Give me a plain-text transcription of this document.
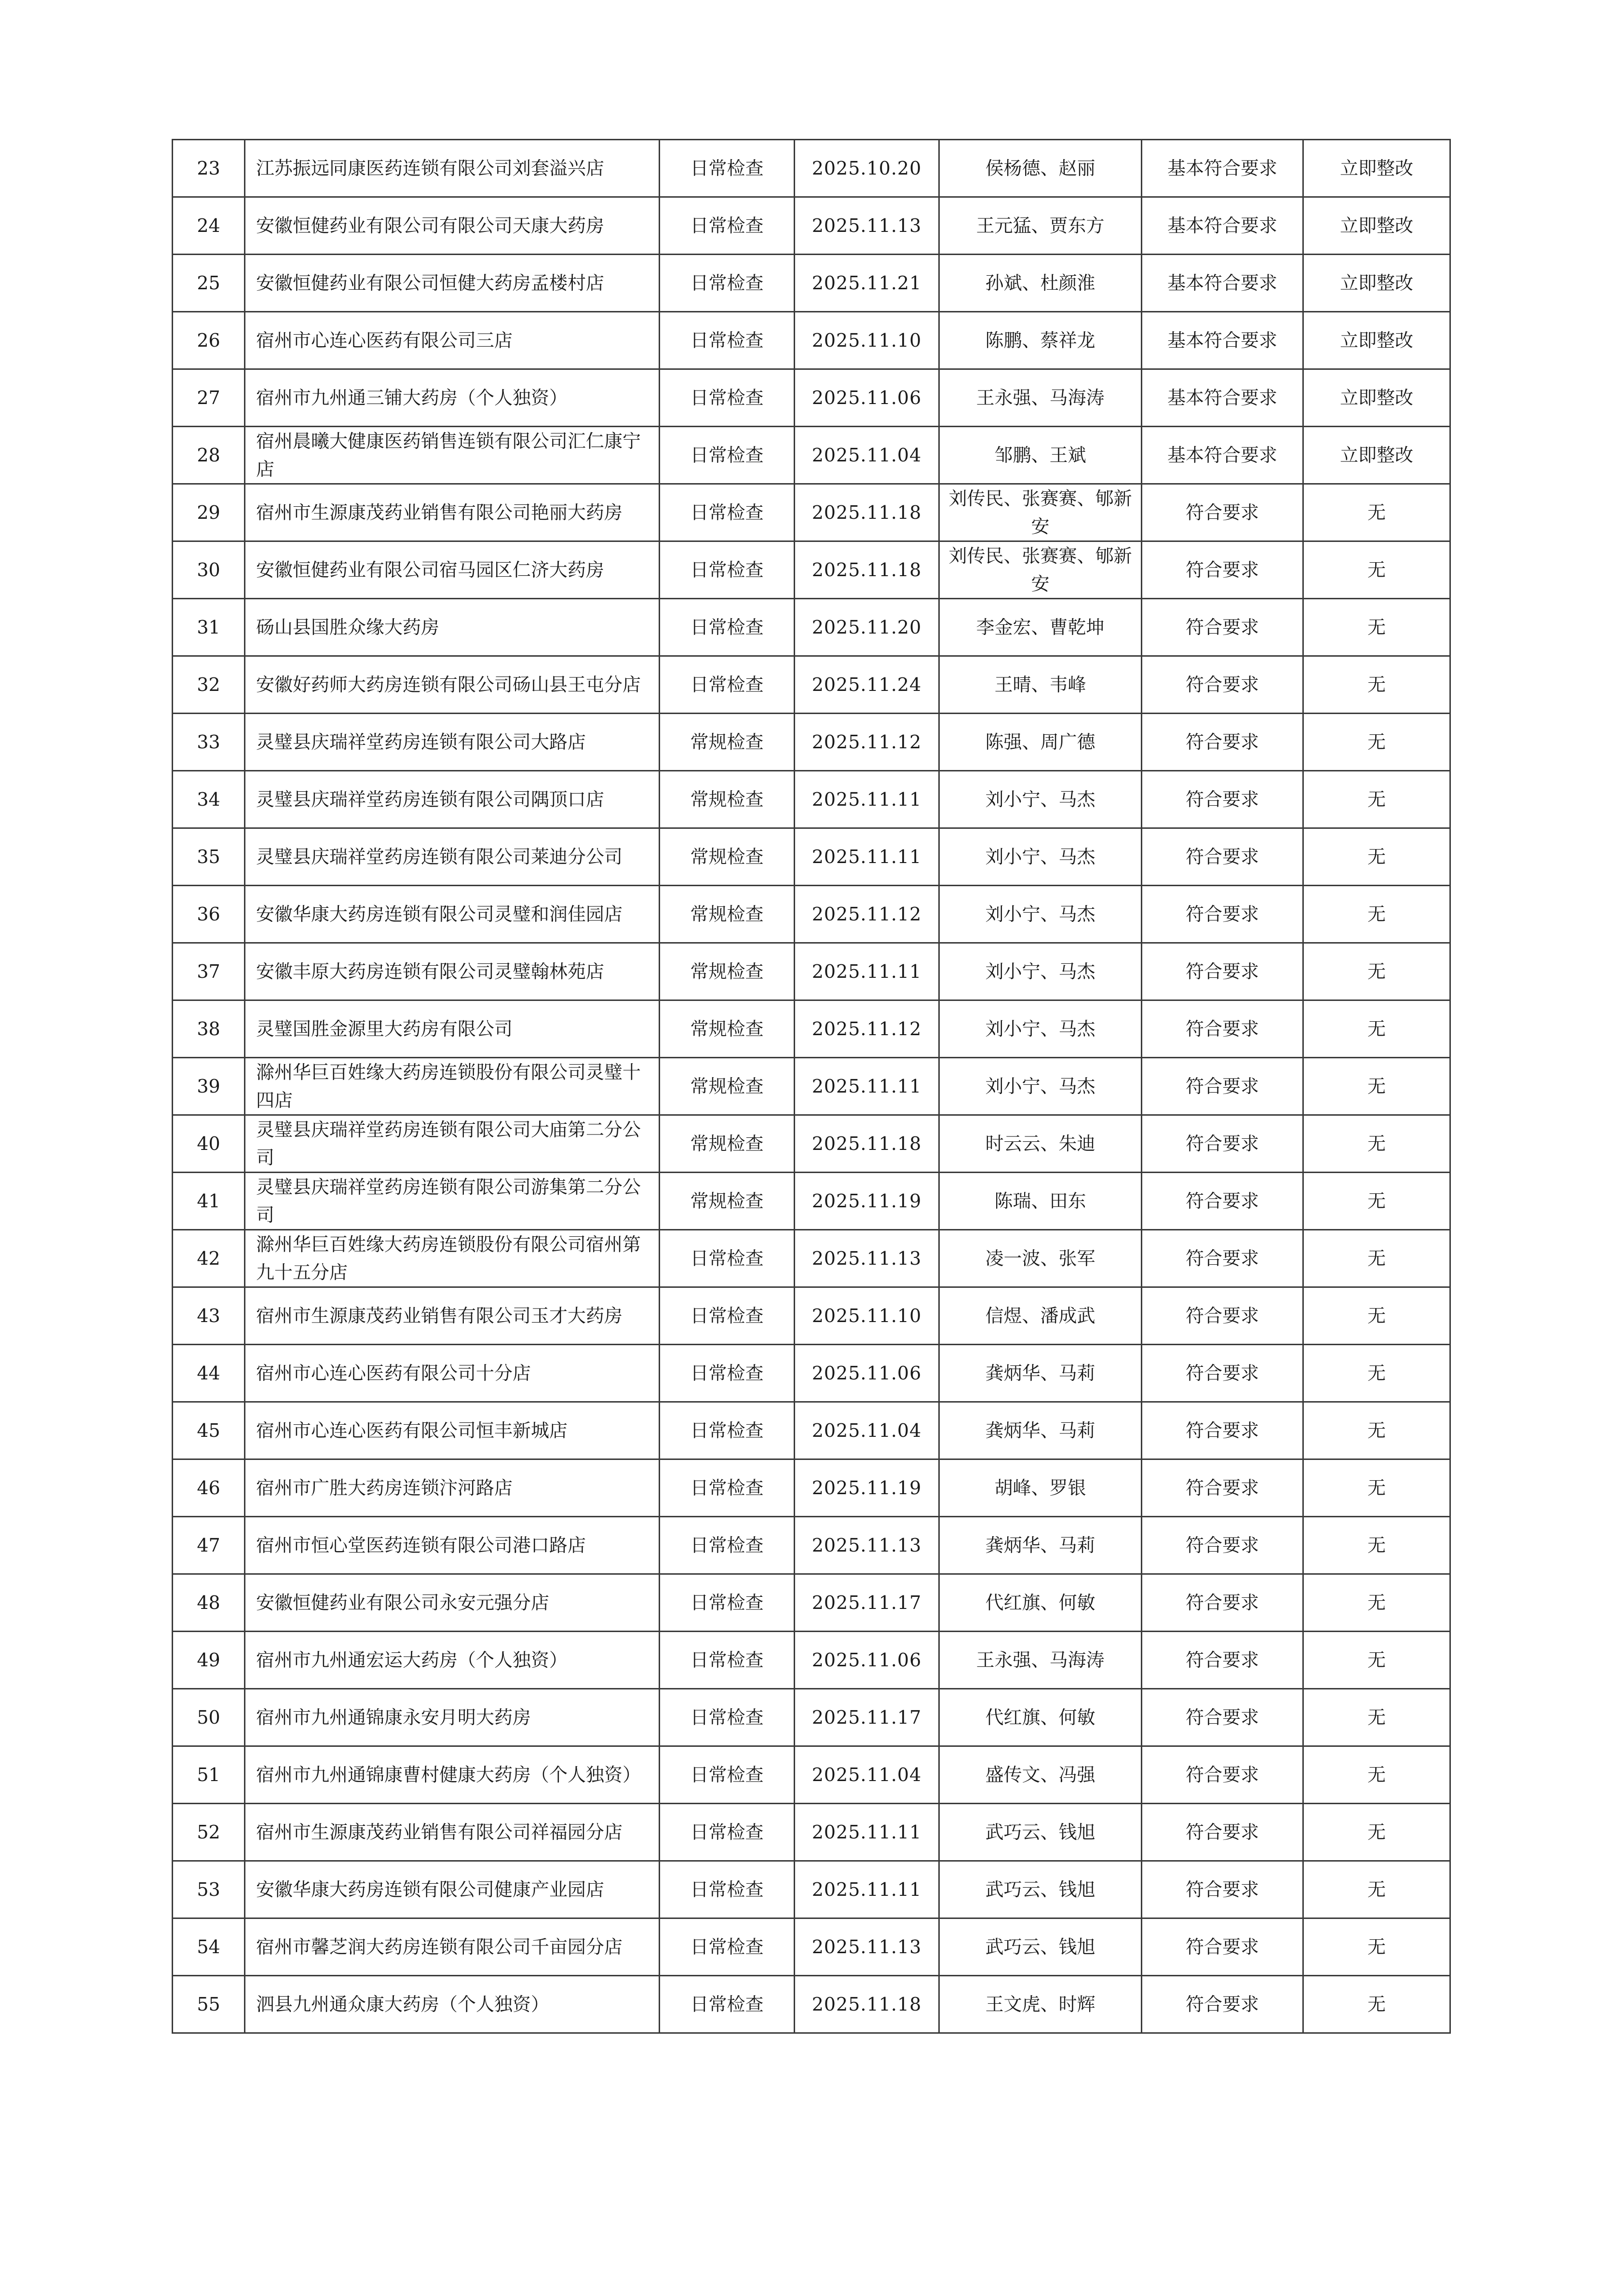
23	江苏振远同康医药连锁有限公司刘套溢兴店	日常检查	2025.10.20	侯杨德、赵丽	基本符合要求	立即整改
24	安徽恒健药业有限公司有限公司天康大药房	日常检查	2025.11.13	王元猛、贾东方	基本符合要求	立即整改
25	安徽恒健药业有限公司恒健大药房孟楼村店	日常检查	2025.11.21	孙斌、杜颜淮	基本符合要求	立即整改
26	宿州市心连心医药有限公司三店	日常检查	2025.11.10	陈鹏、蔡祥龙	基本符合要求	立即整改
27	宿州市九州通三铺大药房（个人独资）	日常检查	2025.11.06	王永强、马海涛	基本符合要求	立即整改
28	宿州晨曦大健康医药销售连锁有限公司汇仁康宁店	日常检查	2025.11.04	邹鹏、王斌	基本符合要求	立即整改
29	宿州市生源康茂药业销售有限公司艳丽大药房	日常检查	2025.11.18	刘传民、张赛赛、郇新安	符合要求	无
30	安徽恒健药业有限公司宿马园区仁济大药房	日常检查	2025.11.18	刘传民、张赛赛、郇新安	符合要求	无
31	砀山县国胜众缘大药房	日常检查	2025.11.20	李金宏、曹乾坤	符合要求	无
32	安徽好药师大药房连锁有限公司砀山县王屯分店	日常检查	2025.11.24	王晴、韦峰	符合要求	无
33	灵璧县庆瑞祥堂药房连锁有限公司大路店	常规检查	2025.11.12	陈强、周广德	符合要求	无
34	灵璧县庆瑞祥堂药房连锁有限公司隅顶口店	常规检查	2025.11.11	刘小宁、马杰	符合要求	无
35	灵璧县庆瑞祥堂药房连锁有限公司莱迪分公司	常规检查	2025.11.11	刘小宁、马杰	符合要求	无
36	安徽华康大药房连锁有限公司灵璧和润佳园店	常规检查	2025.11.12	刘小宁、马杰	符合要求	无
37	安徽丰原大药房连锁有限公司灵璧翰林苑店	常规检查	2025.11.11	刘小宁、马杰	符合要求	无
38	灵璧国胜金源里大药房有限公司	常规检查	2025.11.12	刘小宁、马杰	符合要求	无
39	滁州华巨百姓缘大药房连锁股份有限公司灵璧十四店	常规检查	2025.11.11	刘小宁、马杰	符合要求	无
40	灵璧县庆瑞祥堂药房连锁有限公司大庙第二分公司	常规检查	2025.11.18	时云云、朱迪	符合要求	无
41	灵璧县庆瑞祥堂药房连锁有限公司游集第二分公司	常规检查	2025.11.19	陈瑞、田东	符合要求	无
42	滁州华巨百姓缘大药房连锁股份有限公司宿州第九十五分店	日常检查	2025.11.13	凌一波、张军	符合要求	无
43	宿州市生源康茂药业销售有限公司玉才大药房	日常检查	2025.11.10	信煜、潘成武	符合要求	无
44	宿州市心连心医药有限公司十分店	日常检查	2025.11.06	龚炳华、马莉	符合要求	无
45	宿州市心连心医药有限公司恒丰新城店	日常检查	2025.11.04	龚炳华、马莉	符合要求	无
46	宿州市广胜大药房连锁汴河路店	日常检查	2025.11.19	胡峰、罗银	符合要求	无
47	宿州市恒心堂医药连锁有限公司港口路店	日常检查	2025.11.13	龚炳华、马莉	符合要求	无
48	安徽恒健药业有限公司永安元强分店	日常检查	2025.11.17	代红旗、何敏	符合要求	无
49	宿州市九州通宏运大药房（个人独资）	日常检查	2025.11.06	王永强、马海涛	符合要求	无
50	宿州市九州通锦康永安月明大药房	日常检查	2025.11.17	代红旗、何敏	符合要求	无
51	宿州市九州通锦康曹村健康大药房（个人独资）	日常检查	2025.11.04	盛传文、冯强	符合要求	无
52	宿州市生源康茂药业销售有限公司祥福园分店	日常检查	2025.11.11	武巧云、钱旭	符合要求	无
53	安徽华康大药房连锁有限公司健康产业园店	日常检查	2025.11.11	武巧云、钱旭	符合要求	无
54	宿州市馨芝润大药房连锁有限公司千亩园分店	日常检查	2025.11.13	武巧云、钱旭	符合要求	无
55	泗县九州通众康大药房（个人独资）	日常检查	2025.11.18	王文虎、时辉	符合要求	无
